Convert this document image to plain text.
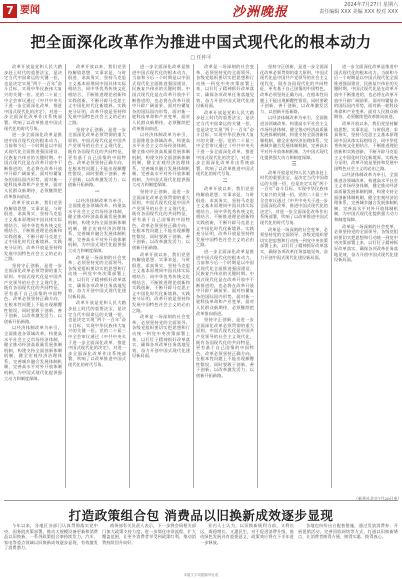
7 要闻	沙洲晚报	2024年7月27日 星期六
责任编辑 XXX 美编 XXX 校对 XXX
把全面深化改革作为推进中国式现代化的根本动力
□ 任仲平

改革开放是党和人民大踏步赶上时代的重要法宝，是决定当代中国命运的关键一招，也是决定实现“两个一百年”奋斗目标、实现中华民族伟大复兴的关键一招。党的二十届三中全会审议通过《中共中央关于进一步全面深化改革、推进中国式现代化的决定》，对进一步全面深化改革作出系统部署，吹响了以改革推进中国式现代化的时代号角。

进一步全面深化改革是推进中国式现代化的根本动力。当前和今后一个时期是以中国式现代化全面推进强国建设、民族复兴伟业的关键时期。中国式现代化是在改革开放中不断推进的，也必将在改革开放中开辟广阔前景。面对纷繁复杂的国际国内形势，面对新一轮科技革命和产业变革，面对人民群众新期待，必须继续把改革推向前进。

改革开放以来，我们党坚持解放思想、实事求是、与时俱进、求真务实，坚持马克思主义基本原理同中国具体实际相结合、同中华优秀传统文化相结合，不断推进理论创新和实践创新，不断开辟马克思主义中国化时代化新境界。实践充分证明，改革开放是坚持和发展中国特色社会主义的必由之路。

坚持守正创新，是进一步全面深化改革必须贯彻的重大原则。中国式现代化是中国共产党领导的社会主义现代化，既有各国现代化的共同特征，更有基于自己国情的中国特色。改革必须坚持正确方向，在根本性问题上不能出现颠覆性错误，同时要敢于创新、善于创新，以改革激发活力、以创新开拓新路。

以经济体制改革为牵引，全面推进各领域改革。构建高水平社会主义市场经济体制，健全推动经济高质量发展体制机制，构建支持全面创新体制机制，健全宏观经济治理体系，完善城乡融合发展体制机制，完善高水平对外开放体制机制，为中国式现代化提供强大动力和制度保障。

改革开放以来，我们党坚持解放思想、实事求是、与时俱进、求真务实，坚持马克思主义基本原理同中国具体实际相结合、同中华优秀传统文化相结合，不断推进理论创新和实践创新，不断开辟马克思主义中国化时代化新境界。实践充分证明，改革开放是坚持和发展中国特色社会主义的必由之路。

坚持守正创新，是进一步全面深化改革必须贯彻的重大原则。中国式现代化是中国共产党领导的社会主义现代化，既有各国现代化的共同特征，更有基于自己国情的中国特色。改革必须坚持正确方向，在根本性问题上不能出现颠覆性错误，同时要敢于创新、善于创新，以改革激发活力、以创新开拓新路。

一

以经济体制改革为牵引，全面推进各领域改革。构建高水平社会主义市场经济体制，健全推动经济高质量发展体制机制，构建支持全面创新体制机制，健全宏观经济治理体系，完善城乡融合发展体制机制，完善高水平对外开放体制机制，为中国式现代化提供强大动力和制度保障。

改革是一场深刻的社会变革，必须坚持党的全面领导。各级党组织要切实把思想和行动统一到党中央决策部署上来，以钉钉子精神抓好改革落实，确保各项改革任务落地见效，奋力开创中国式现代化建设新局面。

改革开放是党和人民大踏步赶上时代的重要法宝，是决定当代中国命运的关键一招，也是决定实现“两个一百年”奋斗目标、实现中华民族伟大复兴的关键一招。党的二十届三中全会审议通过《中共中央关于进一步全面深化改革、推进中国式现代化的决定》，对进一步全面深化改革作出系统部署，吹响了以改革推进中国式现代化的时代号角。

进一步全面深化改革是推进中国式现代化的根本动力。当前和今后一个时期是以中国式现代化全面推进强国建设、民族复兴伟业的关键时期。中国式现代化是在改革开放中不断推进的，也必将在改革开放中开辟广阔前景。面对纷繁复杂的国际国内形势，面对新一轮科技革命和产业变革，面对人民群众新期待，必须继续把改革推向前进。

以经济体制改革为牵引，全面推进各领域改革。构建高水平社会主义市场经济体制，健全推动经济高质量发展体制机制，构建支持全面创新体制机制，健全宏观经济治理体系，完善城乡融合发展体制机制，完善高水平对外开放体制机制，为中国式现代化提供强大动力和制度保障。

坚持守正创新，是进一步全面深化改革必须贯彻的重大原则。中国式现代化是中国共产党领导的社会主义现代化，既有各国现代化的共同特征，更有基于自己国情的中国特色。改革必须坚持正确方向，在根本性问题上不能出现颠覆性错误，同时要敢于创新、善于创新，以改革激发活力、以创新开拓新路。

改革开放以来，我们党坚持解放思想、实事求是、与时俱进、求真务实，坚持马克思主义基本原理同中国具体实际相结合、同中华优秀传统文化相结合，不断推进理论创新和实践创新，不断开辟马克思主义中国化时代化新境界。实践充分证明，改革开放是坚持和发展中国特色社会主义的必由之路。

改革是一场深刻的社会变革，必须坚持党的全面领导。各级党组织要切实把思想和行动统一到党中央决策部署上来，以钉钉子精神抓好改革落实，确保各项改革任务落地见效，奋力开创中国式现代化建设新局面。

改革是一场深刻的社会变革，必须坚持党的全面领导。各级党组织要切实把思想和行动统一到党中央决策部署上来，以钉钉子精神抓好改革落实，确保各项改革任务落地见效，奋力开创中国式现代化建设新局面。

改革开放是党和人民大踏步赶上时代的重要法宝，是决定当代中国命运的关键一招，也是决定实现“两个一百年”奋斗目标、实现中华民族伟大复兴的关键一招。党的二十届三中全会审议通过《中共中央关于进一步全面深化改革、推进中国式现代化的决定》，对进一步全面深化改革作出系统部署，吹响了以改革推进中国式现代化的时代号角。

二

改革开放以来，我们党坚持解放思想、实事求是、与时俱进、求真务实，坚持马克思主义基本原理同中国具体实际相结合、同中华优秀传统文化相结合，不断推进理论创新和实践创新，不断开辟马克思主义中国化时代化新境界。实践充分证明，改革开放是坚持和发展中国特色社会主义的必由之路。

进一步全面深化改革是推进中国式现代化的根本动力。当前和今后一个时期是以中国式现代化全面推进强国建设、民族复兴伟业的关键时期。中国式现代化是在改革开放中不断推进的，也必将在改革开放中开辟广阔前景。面对纷繁复杂的国际国内形势，面对新一轮科技革命和产业变革，面对人民群众新期待，必须继续把改革推向前进。

坚持守正创新，是进一步全面深化改革必须贯彻的重大原则。中国式现代化是中国共产党领导的社会主义现代化，既有各国现代化的共同特征，更有基于自己国情的中国特色。改革必须坚持正确方向，在根本性问题上不能出现颠覆性错误，同时要敢于创新、善于创新，以改革激发活力、以创新开拓新路。

坚持守正创新，是进一步全面深化改革必须贯彻的重大原则。中国式现代化是中国共产党领导的社会主义现代化，既有各国现代化的共同特征，更有基于自己国情的中国特色。改革必须坚持正确方向，在根本性问题上不能出现颠覆性错误，同时要敢于创新、善于创新，以改革激发活力、以创新开拓新路。

以经济体制改革为牵引，全面推进各领域改革。构建高水平社会主义市场经济体制，健全推动经济高质量发展体制机制，构建支持全面创新体制机制，健全宏观经济治理体系，完善城乡融合发展体制机制，完善高水平对外开放体制机制，为中国式现代化提供强大动力和制度保障。

三

改革开放是党和人民大踏步赶上时代的重要法宝，是决定当代中国命运的关键一招，也是决定实现“两个一百年”奋斗目标、实现中华民族伟大复兴的关键一招。党的二十届三中全会审议通过《中共中央关于进一步全面深化改革、推进中国式现代化的决定》，对进一步全面深化改革作出系统部署，吹响了以改革推进中国式现代化的时代号角。

改革是一场深刻的社会变革，必须坚持党的全面领导。各级党组织要切实把思想和行动统一到党中央决策部署上来，以钉钉子精神抓好改革落实，确保各项改革任务落地见效，奋力开创中国式现代化建设新局面。

进一步全面深化改革是推进中国式现代化的根本动力。当前和今后一个时期是以中国式现代化全面推进强国建设、民族复兴伟业的关键时期。中国式现代化是在改革开放中不断推进的，也必将在改革开放中开辟广阔前景。面对纷繁复杂的国际国内形势，面对新一轮科技革命和产业变革，面对人民群众新期待，必须继续把改革推向前进。

改革开放以来，我们党坚持解放思想、实事求是、与时俱进、求真务实，坚持马克思主义基本原理同中国具体实际相结合、同中华优秀传统文化相结合，不断推进理论创新和实践创新，不断开辟马克思主义中国化时代化新境界。实践充分证明，改革开放是坚持和发展中国特色社会主义的必由之路。

以经济体制改革为牵引，全面推进各领域改革。构建高水平社会主义市场经济体制，健全推动经济高质量发展体制机制，构建支持全面创新体制机制，健全宏观经济治理体系，完善城乡融合发展体制机制，完善高水平对外开放体制机制，为中国式现代化提供强大动力和制度保障。

改革是一场深刻的社会变革，必须坚持党的全面领导。各级党组织要切实把思想和行动统一到党中央决策部署上来，以钉钉子精神抓好改革落实，确保各项改革任务落地见效，奋力开创中国式现代化建设新局面。

（新华社北京7月26日电）
打造政策组合包 消费品以旧换新成效逐步显现

今年以来，各地区各部门认真贯彻落实党中央、国务院决策部署，推动大规模设备更新和消费品以旧换新，一系列政策组合拳持续发力，汽车、家电等重点领域以旧换新成效逐步显现，有效激发了消费潜力。

商务部有关负责人表示，下一步将会同相关部门加大政策支持力度，进一步简化申领流程，扩大覆盖范围，让更多消费者享受到政策红利，推动消费持续回升向好。

业内人士认为，以旧换新既利当前、又利长远，既稳增长、又惠民生，对于促进消费升级、推动绿色发展具有重要意义，政策效应将在下半年进一步释放。

各地也纷纷出台配套措施，通过发放消费券、开展促销活动、完善回收网络等方式，打通以旧换新堵点，让消费者换得方便、换得实惠、换得放心。

本版文字均据新华社电
